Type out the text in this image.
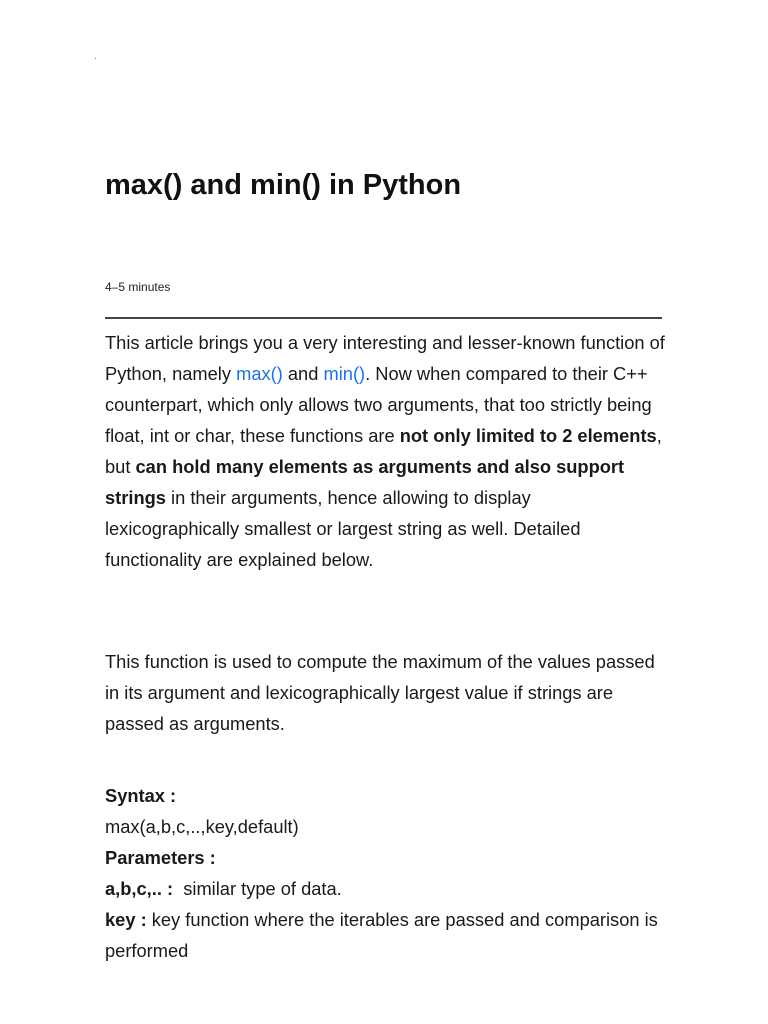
max() and min() in Python
4–5 minutes

This article brings you a very interesting and lesser-known function of Python, namely max() and min(). Now when compared to their C++ counterpart, which only allows two arguments, that too strictly being float, int or char, these functions are not only limited to 2 elements, but can hold many elements as arguments and also support strings in their arguments, hence allowing to display lexicographically smallest or largest string as well. Detailed functionality are explained below.

This function is used to compute the maximum of the values passed in its argument and lexicographically largest value if strings are passed as arguments.

Syntax :
max(a,b,c,..,key,default)
Parameters :
a,b,c,.. :  similar type of data.
key : key function where the iterables are passed and comparison is performed
